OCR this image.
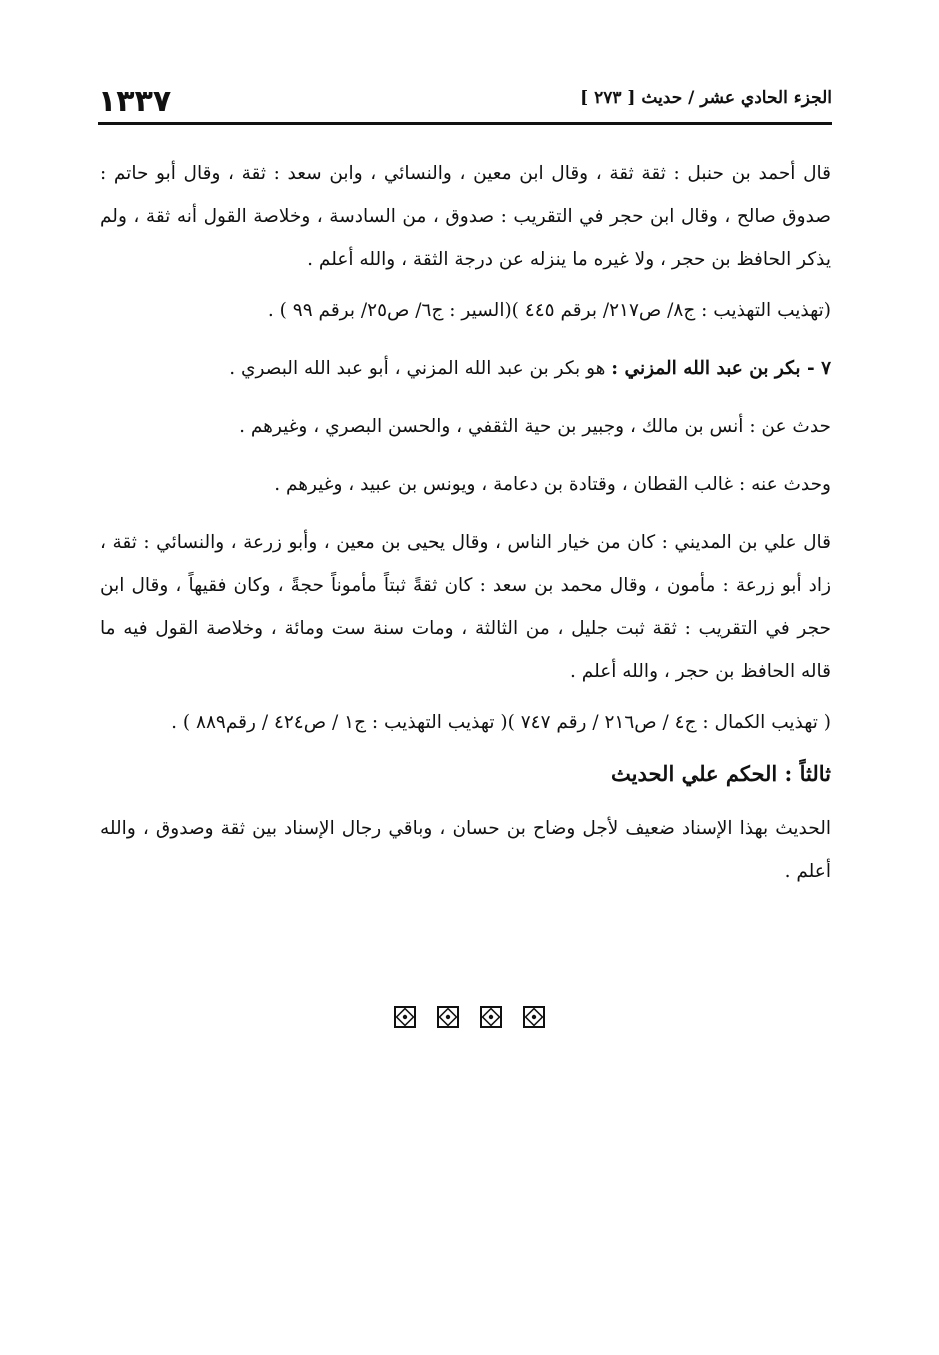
١٣٣٧	الجزء الحادي عشر / حديث [ ٢٧٣ ]

قال أحمد بن حنبل : ثقة ثقة ، وقال ابن معين ، والنسائي ، وابن سعد : ثقة ، وقال أبو حاتم : صدوق صالح ، وقال ابن حجر في التقريب : صدوق ، من السادسة ، وخلاصة القول أنه ثقة ، ولم يذكر الحافظ بن حجر ، ولا غيره ما ينزله عن درجة الثقة ، والله أعلم .

(تهذيب التهذيب : ج٨/ ص٢١٧/ برقم ٤٤٥ )(السير : ج٦/ ص٢٥/ برقم ٩٩ ) .

٧ - بكر بن عبد الله المزني : هو بكر بن عبد الله المزني ، أبو عبد الله البصري .

حدث عن : أنس بن مالك ، وجبير بن حية الثقفي ، والحسن البصري ، وغيرهم .

وحدث عنه : غالب القطان ، وقتادة بن دعامة ، ويونس بن عبيد ، وغيرهم .

قال علي بن المديني : كان من خيار الناس ، وقال يحيى بن معين ، وأبو زرعة ، والنسائي : ثقة ، زاد أبو زرعة : مأمون ، وقال محمد بن سعد : كان ثقةً ثبتاً مأموناً حجةً ، وكان فقيهاً ، وقال ابن حجر في التقريب : ثقة ثبت جليل ، من الثالثة ، ومات سنة ست ومائة ، وخلاصة القول فيه ما قاله الحافظ بن حجر ، والله أعلم .

( تهذيب الكمال : ج٤ / ص٢١٦ / رقم ٧٤٧ )( تهذيب التهذيب : ج١ / ص٤٢٤ / رقم٨٨٩ ) .

ثالثاً : الحكم علي الحديث

الحديث بهذا الإسناد ضعيف لأجل وضاح بن حسان ، وباقي رجال الإسناد بين ثقة وصدوق ، والله أعلم .
